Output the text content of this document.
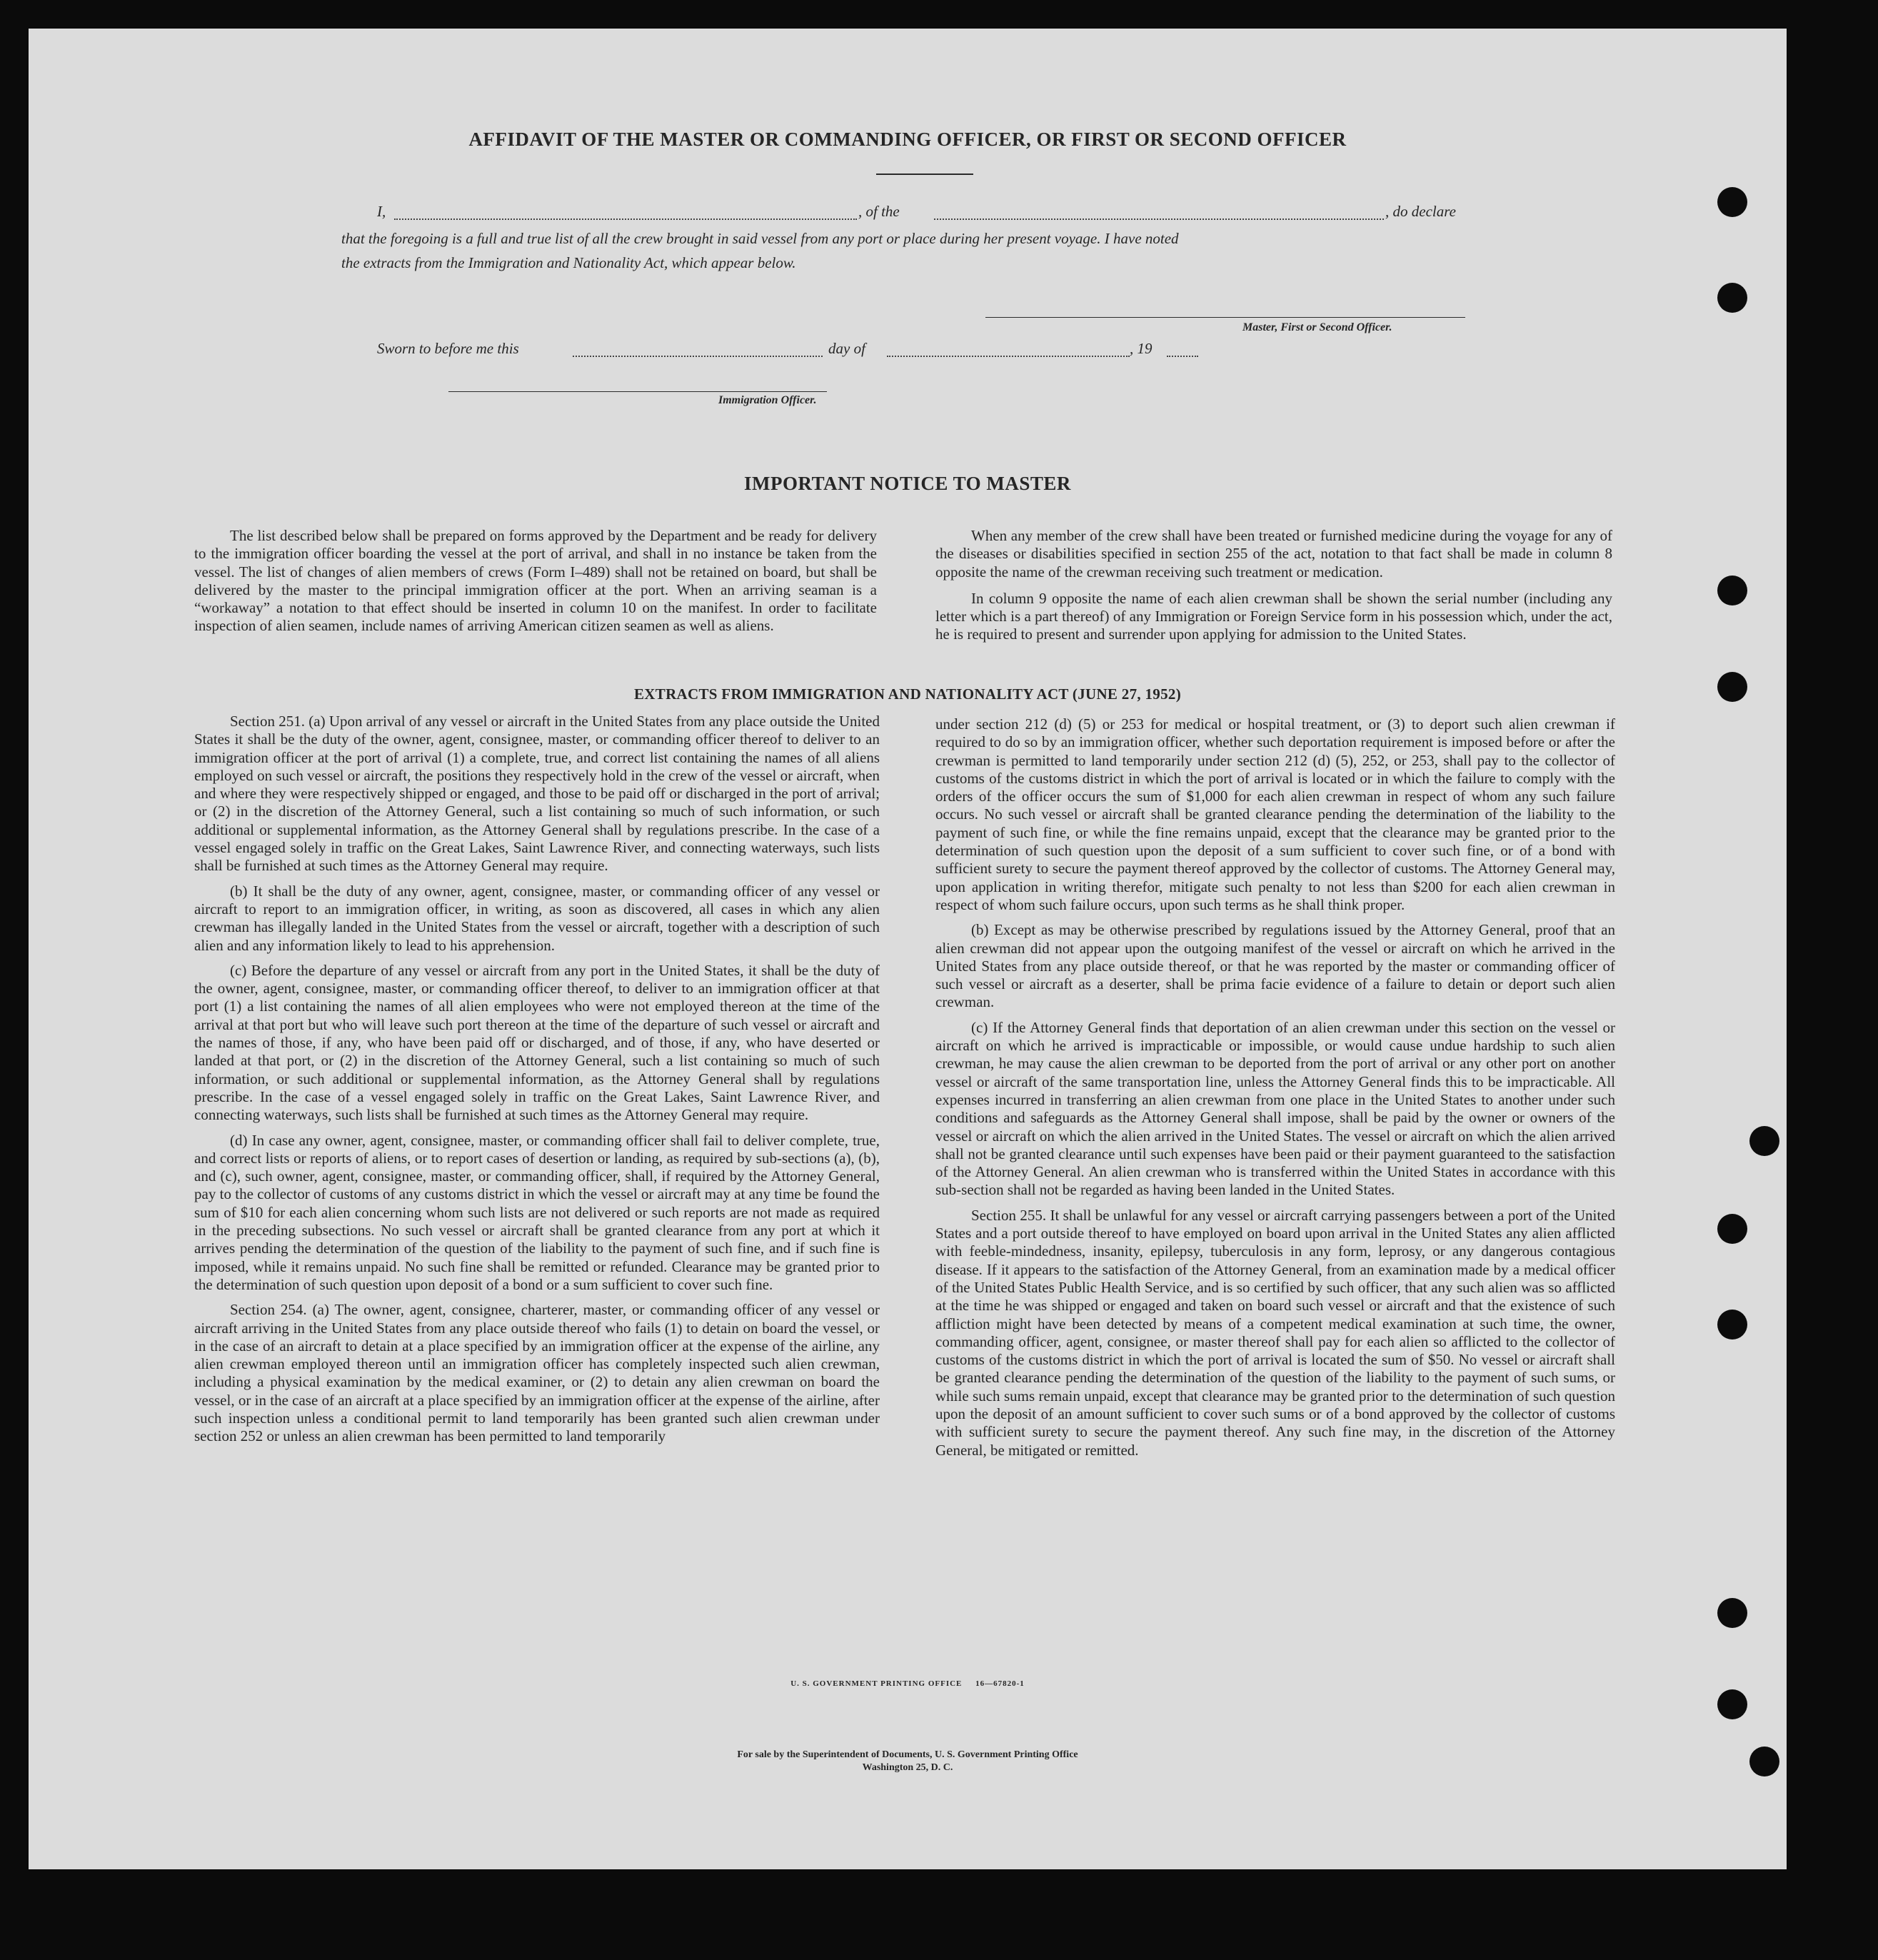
AFFIDAVIT OF THE MASTER OR COMMANDING OFFICER, OR FIRST OR SECOND OFFICER
I,	, of the	, do declare
that the foregoing is a full and true list of all the crew brought in said vessel from any port or place during her present voyage. I have noted
the extracts from the Immigration and Nationality Act, which appear below.
Master, First or Second Officer.
Sworn to before me this	day of	, 19
Immigration Officer.
IMPORTANT NOTICE TO MASTER

The list described below shall be prepared on forms approved by the Department and be ready for delivery to the immigration officer boarding the vessel at the port of arrival, and shall in no instance be taken from the vessel. The list of changes of alien members of crews (Form I–489) shall not be retained on board, but shall be delivered by the master to the principal immigration officer at the port. When an arriving seaman is a “workaway” a notation to that effect should be inserted in column 10 on the manifest. In order to facilitate inspection of alien seamen, include names of arriving American citizen seamen as well as aliens.

When any member of the crew shall have been treated or furnished medicine during the voyage for any of the diseases or disabilities specified in section 255 of the act, notation to that fact shall be made in column 8 opposite the name of the crewman receiving such treatment or medication.

In column 9 opposite the name of each alien crewman shall be shown the serial number (including any letter which is a part thereof) of any Immigration or Foreign Service form in his possession which, under the act, he is required to present and surrender upon applying for admission to the United States.

EXTRACTS FROM IMMIGRATION AND NATIONALITY ACT (JUNE 27, 1952)

Section 251. (a) Upon arrival of any vessel or aircraft in the United States from any place outside the United States it shall be the duty of the owner, agent, consignee, master, or commanding officer thereof to deliver to an immigration officer at the port of arrival (1) a complete, true, and correct list containing the names of all aliens employed on such vessel or aircraft, the positions they respectively hold in the crew of the vessel or aircraft, when and where they were respectively shipped or engaged, and those to be paid off or discharged in the port of arrival; or (2) in the discretion of the Attorney General, such a list containing so much of such information, or such additional or supplemental information, as the Attorney General shall by regulations prescribe. In the case of a vessel engaged solely in traffic on the Great Lakes, Saint Lawrence River, and connecting waterways, such lists shall be furnished at such times as the Attorney General may require.

(b) It shall be the duty of any owner, agent, consignee, master, or commanding officer of any vessel or aircraft to report to an immigration officer, in writing, as soon as discovered, all cases in which any alien crewman has illegally landed in the United States from the vessel or aircraft, together with a description of such alien and any information likely to lead to his apprehension.

(c) Before the departure of any vessel or aircraft from any port in the United States, it shall be the duty of the owner, agent, consignee, master, or commanding officer thereof, to deliver to an immigration officer at that port (1) a list containing the names of all alien employees who were not employed thereon at the time of the arrival at that port but who will leave such port thereon at the time of the departure of such vessel or aircraft and the names of those, if any, who have been paid off or discharged, and of those, if any, who have deserted or landed at that port, or (2) in the discretion of the Attorney General, such a list containing so much of such information, or such additional or supplemental information, as the Attorney General shall by regulations prescribe. In the case of a vessel engaged solely in traffic on the Great Lakes, Saint Lawrence River, and connecting waterways, such lists shall be furnished at such times as the Attorney General may require.

(d) In case any owner, agent, consignee, master, or commanding officer shall fail to deliver complete, true, and correct lists or reports of aliens, or to report cases of desertion or landing, as required by sub-sections (a), (b), and (c), such owner, agent, consignee, master, or commanding officer, shall, if required by the Attorney General, pay to the collector of customs of any customs district in which the vessel or aircraft may at any time be found the sum of $10 for each alien concerning whom such lists are not delivered or such reports are not made as required in the preceding subsections. No such vessel or aircraft shall be granted clearance from any port at which it arrives pending the determination of the question of the liability to the payment of such fine, and if such fine is imposed, while it remains unpaid. No such fine shall be remitted or refunded. Clearance may be granted prior to the determination of such question upon deposit of a bond or a sum sufficient to cover such fine.

Section 254. (a) The owner, agent, consignee, charterer, master, or commanding officer of any vessel or aircraft arriving in the United States from any place outside thereof who fails (1) to detain on board the vessel, or in the case of an aircraft to detain at a place specified by an immigration officer at the expense of the airline, any alien crewman employed thereon until an immigration officer has completely inspected such alien crewman, including a physical examination by the medical examiner, or (2) to detain any alien crewman on board the vessel, or in the case of an aircraft at a place specified by an immigration officer at the expense of the airline, after such inspection unless a conditional permit to land temporarily has been granted such alien crewman under section 252 or unless an alien crewman has been permitted to land temporarily

under section 212 (d) (5) or 253 for medical or hospital treatment, or (3) to deport such alien crewman if required to do so by an immigration officer, whether such deportation requirement is imposed before or after the crewman is permitted to land temporarily under section 212 (d) (5), 252, or 253, shall pay to the collector of customs of the customs district in which the port of arrival is located or in which the failure to comply with the orders of the officer occurs the sum of $1,000 for each alien crewman in respect of whom any such failure occurs. No such vessel or aircraft shall be granted clearance pending the determination of the liability to the payment of such fine, or while the fine remains unpaid, except that the clearance may be granted prior to the determination of such question upon the deposit of a sum sufficient to cover such fine, or of a bond with sufficient surety to secure the payment thereof approved by the collector of customs. The Attorney General may, upon application in writing therefor, mitigate such penalty to not less than $200 for each alien crewman in respect of whom such failure occurs, upon such terms as he shall think proper.

(b) Except as may be otherwise prescribed by regulations issued by the Attorney General, proof that an alien crewman did not appear upon the outgoing manifest of the vessel or aircraft on which he arrived in the United States from any place outside thereof, or that he was reported by the master or commanding officer of such vessel or aircraft as a deserter, shall be prima facie evidence of a failure to detain or deport such alien crewman.

(c) If the Attorney General finds that deportation of an alien crewman under this section on the vessel or aircraft on which he arrived is impracticable or impossible, or would cause undue hardship to such alien crewman, he may cause the alien crewman to be deported from the port of arrival or any other port on another vessel or aircraft of the same transportation line, unless the Attorney General finds this to be impracticable. All expenses incurred in transferring an alien crewman from one place in the United States to another under such conditions and safeguards as the Attorney General shall impose, shall be paid by the owner or owners of the vessel or aircraft on which the alien arrived in the United States. The vessel or aircraft on which the alien arrived shall not be granted clearance until such expenses have been paid or their payment guaranteed to the satisfaction of the Attorney General. An alien crewman who is transferred within the United States in accordance with this sub-section shall not be regarded as having been landed in the United States.

Section 255. It shall be unlawful for any vessel or aircraft carrying passengers between a port of the United States and a port outside thereof to have employed on board upon arrival in the United States any alien afflicted with feeble-mindedness, insanity, epilepsy, tuberculosis in any form, leprosy, or any dangerous contagious disease. If it appears to the satisfaction of the Attorney General, from an examination made by a medical officer of the United States Public Health Service, and is so certified by such officer, that any such alien was so afflicted at the time he was shipped or engaged and taken on board such vessel or aircraft and that the existence of such affliction might have been detected by means of a competent medical examination at such time, the owner, commanding officer, agent, consignee, or master thereof shall pay for each alien so afflicted to the collector of customs of the customs district in which the port of arrival is located the sum of $50. No vessel or aircraft shall be granted clearance pending the determination of the question of the liability to the payment of such sums, or while such sums remain unpaid, except that clearance may be granted prior to the determination of such question upon the deposit of an amount sufficient to cover such sums or of a bond approved by the collector of customs with sufficient surety to secure the payment thereof. Any such fine may, in the discretion of the Attorney General, be mitigated or remitted.

U. S. GOVERNMENT PRINTING OFFICE     16—67820-1
For sale by the Superintendent of Documents, U. S. Government Printing Office
Washington 25, D. C.
